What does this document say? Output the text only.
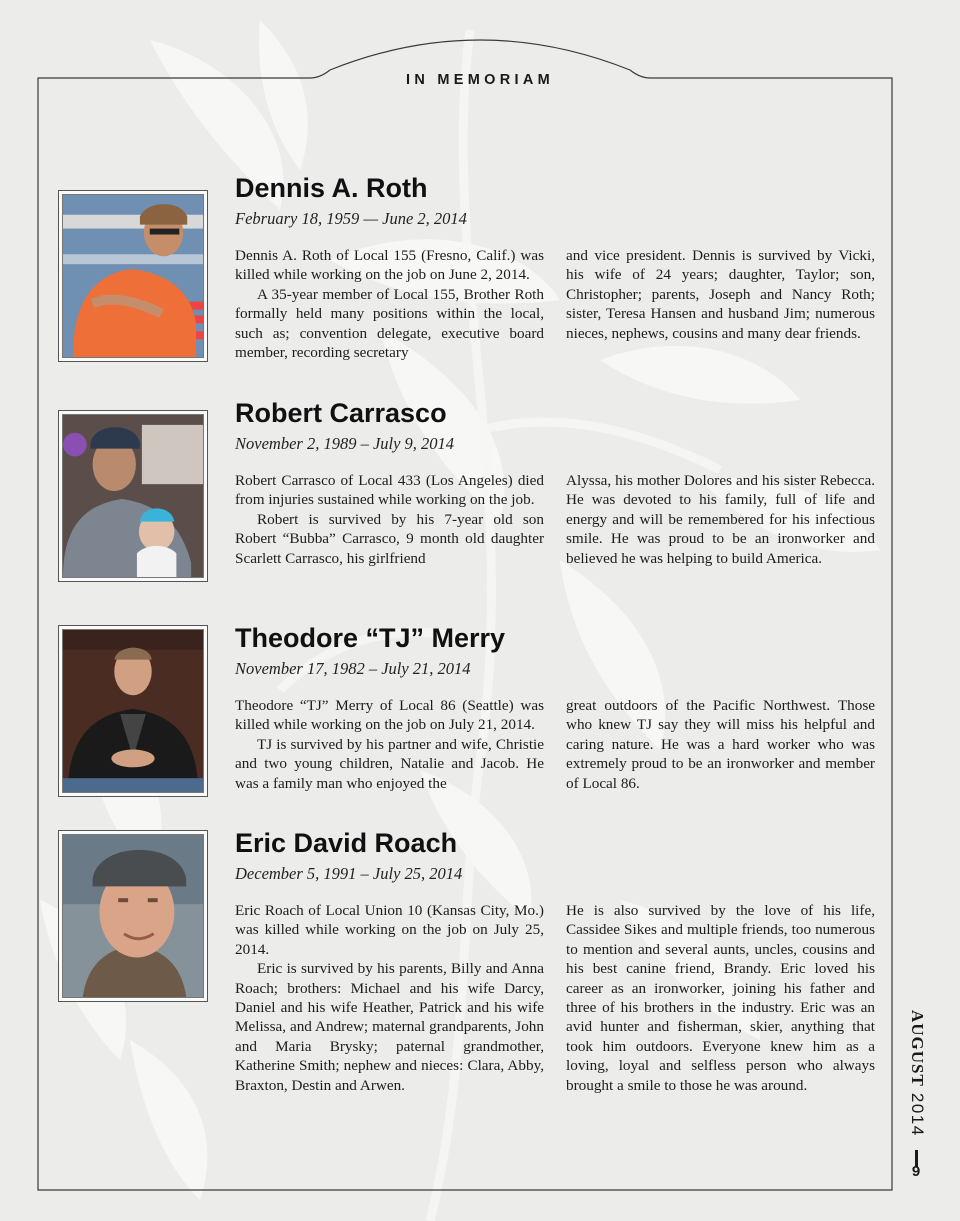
IN MEMORIAM
Dennis A. Roth

February 18, 1959 — June 2, 2014

Dennis A. Roth of Local 155 (Fresno, Calif.) was killed while working on the job on June 2, 2014.

A 35-year member of Local 155, Brother Roth formally held many positions within the local, such as; convention delegate, executive board member, recording secretary

and vice president. Dennis is survived by Vicki, his wife of 24 years; daughter, Taylor; son, Christopher; parents, Joseph and Nancy Roth; sister, Teresa Hansen and husband Jim; numerous nieces, nephews, cousins and many dear friends.

Robert Carrasco

November 2, 1989 – July 9, 2014

Robert Carrasco of Local 433 (Los Angeles) died from injuries sustained while working on the job.

Robert is survived by his 7-year old son Robert “Bubba” Carrasco, 9 month old daughter Scarlett Carrasco, his girlfriend

Alyssa, his mother Dolores and his sister Rebecca. He was devoted to his family, full of life and energy and will be remembered for his infectious smile. He was proud to be an ironworker and believed he was helping to build America.

Theodore “TJ” Merry

November 17, 1982 – July 21, 2014

Theodore “TJ” Merry of Local 86 (Seattle) was killed while working on the job on July 21, 2014.

TJ is survived by his partner and wife, Christie and two young children, Natalie and Jacob. He was a family man who enjoyed the

great outdoors of the Pacific Northwest. Those who knew TJ say they will miss his helpful and caring nature. He was a hard worker who was extremely proud to be an ironworker and member of Local 86.

Eric David Roach

December 5, 1991 – July 25, 2014

Eric Roach of Local Union 10 (Kansas City, Mo.) was killed while working on the job on July 25, 2014.

Eric is survived by his parents, Billy and Anna Roach; brothers: Michael and his wife Darcy, Daniel and his wife Heather, Patrick and his wife Melissa, and Andrew; maternal grandparents, John and Maria Brysky; paternal grandmother, Katherine Smith; nephew and nieces: Clara, Abby, Braxton, Destin and Arwen.

He is also survived by the love of his life, Cassidee Sikes and multiple friends, too numerous to mention and several aunts, uncles, cousins and his best canine friend, Brandy. Eric loved his career as an ironworker, joining his father and three of his brothers in the industry. Eric was an avid hunter and fisherman, skier, anything that took him outdoors. Everyone knew him as a loving, loyal and selfless person who always brought a smile to those he was around.	AUGUST2014
9
